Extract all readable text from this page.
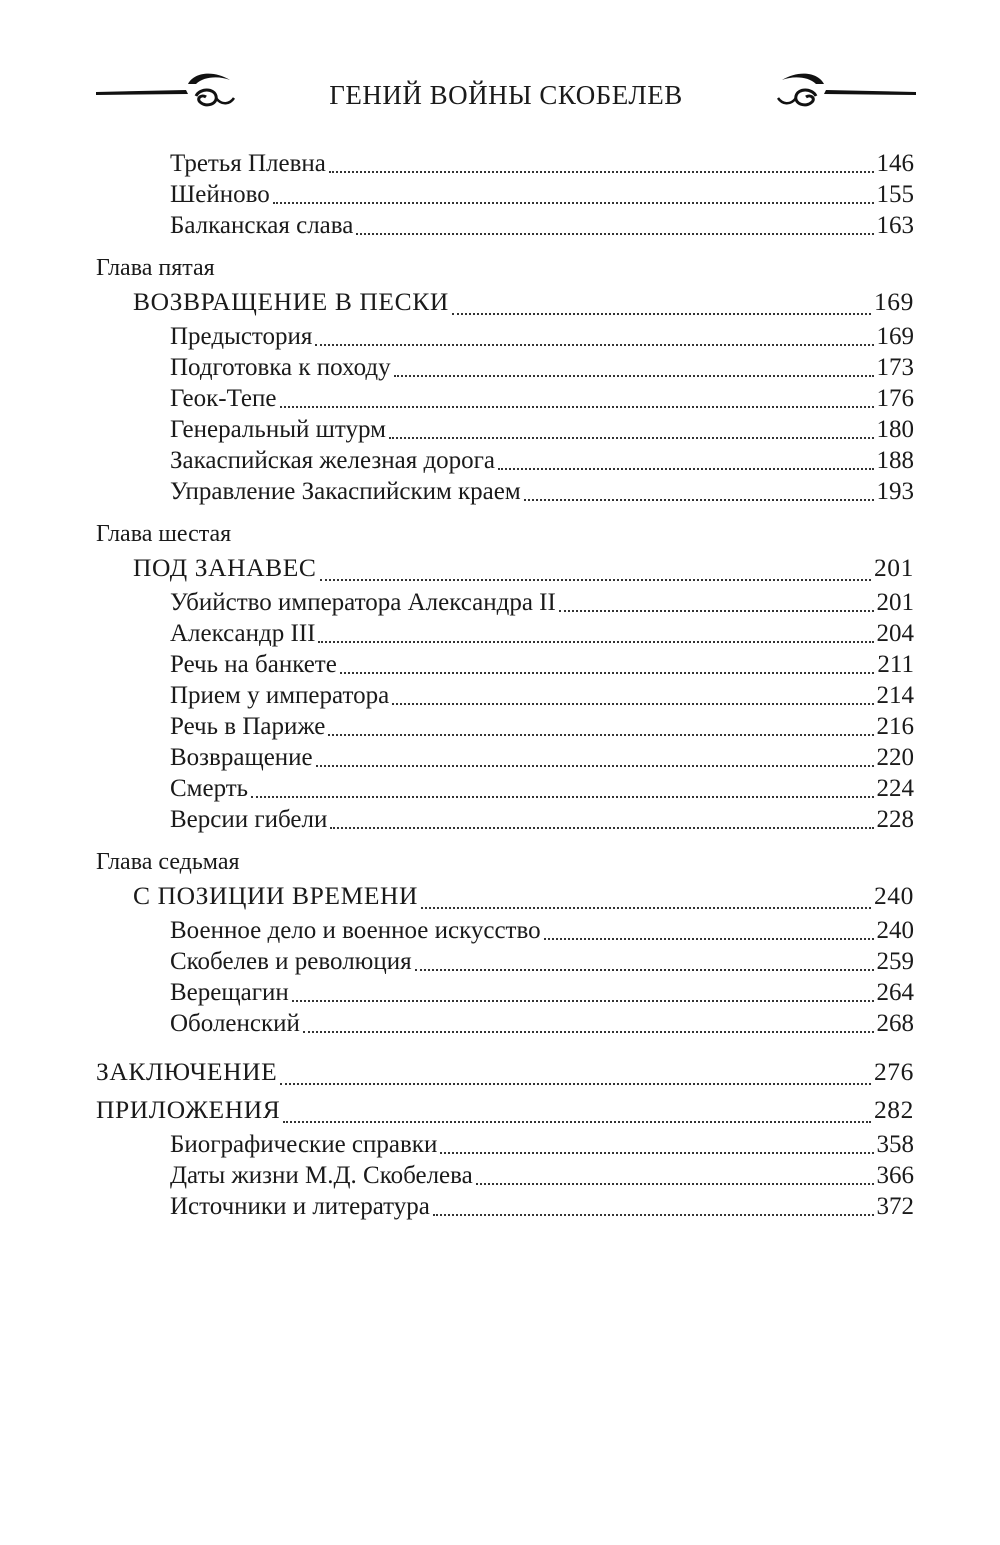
ГЕНИЙ ВОЙНЫ СКОБЕЛЕВ
Третья Плевна	146
Шейново	155
Балканская слава	163
Глава пятая
ВОЗВРАЩЕНИЕ В ПЕСКИ	169
Предыстория	169
Подготовка к походу	173
Геок-Тепе	176
Генеральный штурм	180
Закаспийская железная дорога	188
Управление Закаспийским краем	193
Глава шестая
ПОД ЗАНАВЕС	201
Убийство императора Александра II	201
Александр III	204
Речь на банкете	211
Прием у императора	214
Речь в Париже	216
Возвращение	220
Смерть	224
Версии гибели	228
Глава седьмая
С ПОЗИЦИИ ВРЕМЕНИ	240
Военное дело и военное искусство	240
Скобелев и революция	259
Верещагин	264
Оболенский	268
ЗАКЛЮЧЕНИЕ	276
ПРИЛОЖЕНИЯ	282
Биографические справки	358
Даты жизни М.Д. Скобелева	366
Источники и литература	372
